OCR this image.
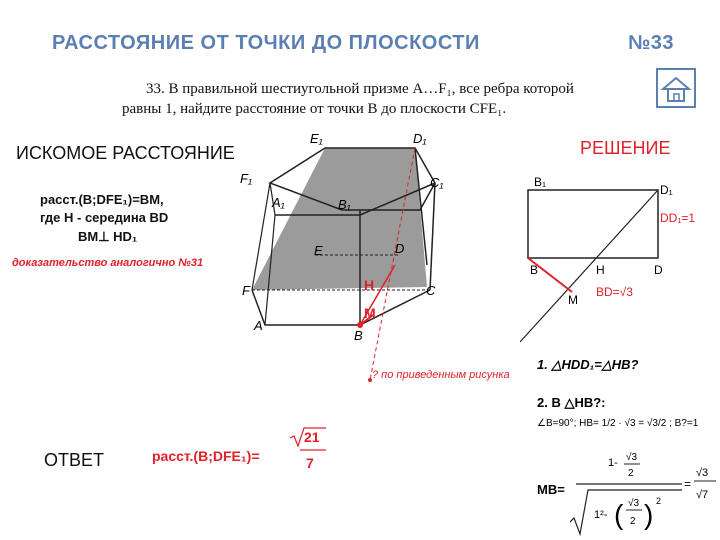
РАССТОЯНИЕ ОТ ТОЧКИ ДО ПЛОСКОСТИ	№33
33. В правильной шестиугольной призме A…F₁, все ребра которой
равны 1, найдите расстояние от точки B до плоскости CFE₁.
ИСКОМОЕ РАССТОЯНИЕ	РЕШЕНИЕ
ОТВЕТ
расст.(B;DFE₁)=BM,
где H - середина BD
BM⊥ HD₁
доказательство аналогично №31
E₁	D₁
F₁	C₁
A₁	B₁
E	D
F	C
A
B
H
M
? по приведенным рисунка
B₁
D₁
DD₁=1
B	H	D
M
BD=√3
1. △HDD₁=△HB?
2. B △HB?:
∠B=90°; HB= 1/2 · √3 = √3/2 ; B?=1
MB=
1- √3
2
1²- ( √3
2 ) 2
=
√3
√7
расст.(B;DFE₁)=
21
7
